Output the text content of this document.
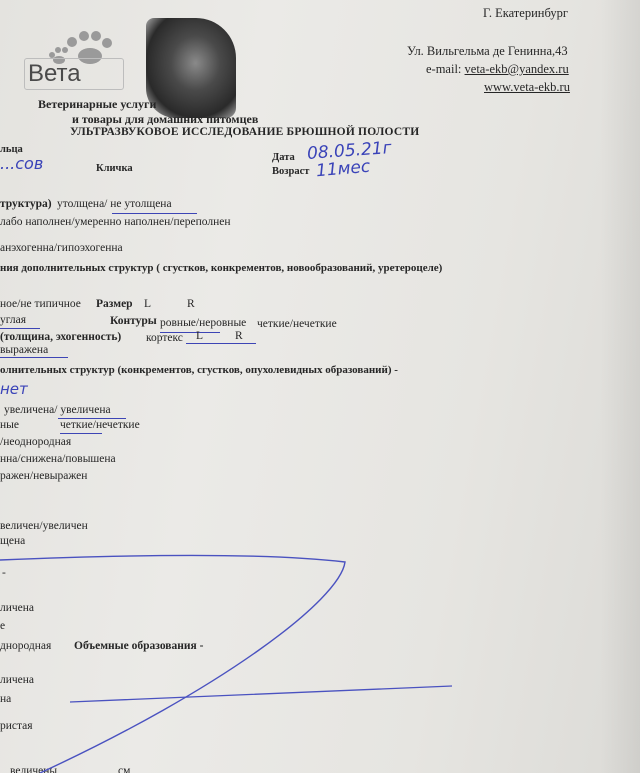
Вета
Ветеринарные услуги
и товары для домашних питомцев
Г. Екатеринбург
Ул. Вильгельма де Генинна,43
e-mail: veta-ekb@yandex.ru
www.veta-ekb.ru
УЛЬТРАЗВУКОВОЕ ИССЛЕДОВАНИЕ БРЮШНОЙ ПОЛОСТИ
льца
...сов	Кличка
Дата 08.05.21г
Возраст 11мес
труктура) утолщена/ не утолщена
лабо наполнен/умеренно наполнен/переполнен
анэхогенна/гипоэхогенна
ния дополнительных структур ( сгустков, конкрементов, новообразований, уретероцеле)
ное/не типичное Размер L	R
углая	Контуры ровные/неровные четкие/нечеткие
(толщина, эхогенность) кортекс L	R
выражена
олнительных структур (конкрементов, сгустков, опухолевидных образований) -
нет
увеличена/ увеличена
ные	четкие/нечеткие
/неоднородная
нна/снижена/повышена
ражен/невыражен
величен/увеличен
щена
-
личена
е
днородная Объемные образования -
личена
на
ристая
величены	см
